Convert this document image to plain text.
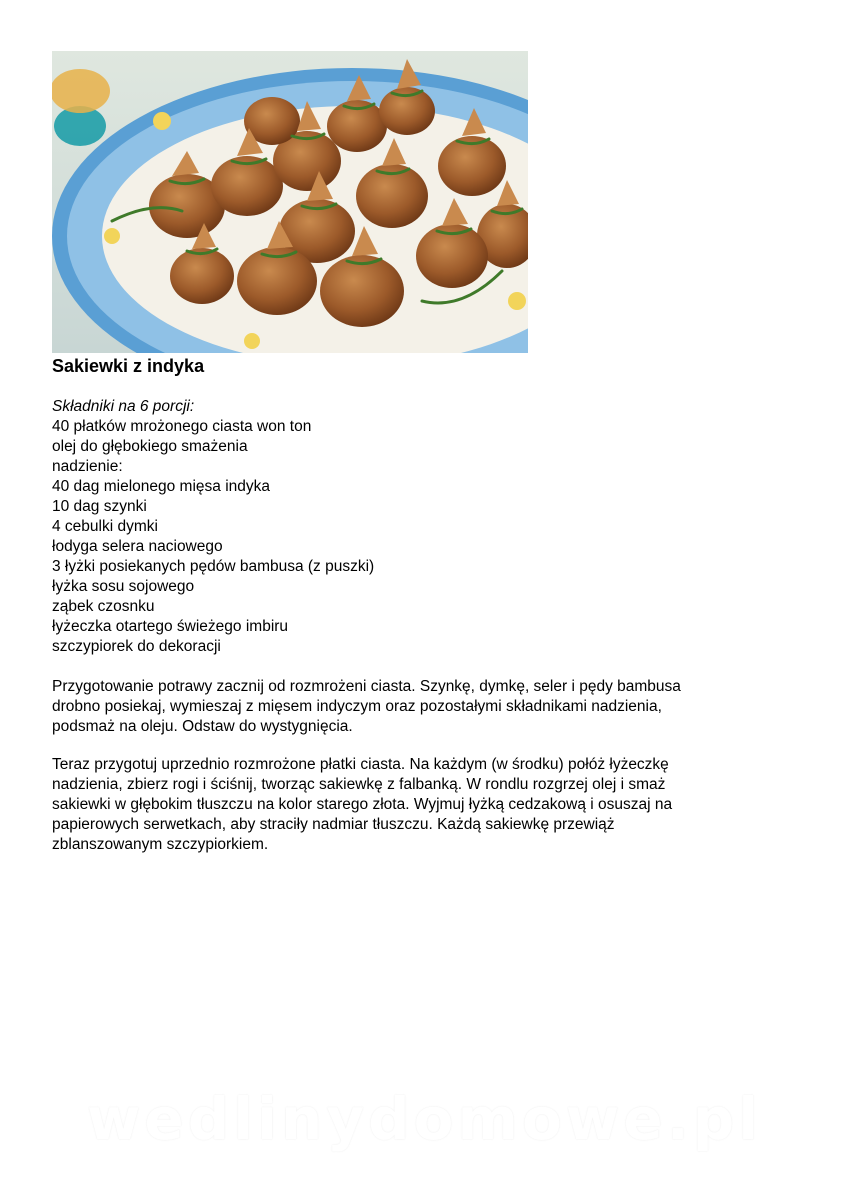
Sakiewki z indyka
Składniki na 6 porcji:
40 płatków mrożonego ciasta won ton
olej do głębokiego smażenia
nadzienie:
40 dag mielonego mięsa indyka
10 dag szynki
4 cebulki dymki
łodyga selera naciowego
3 łyżki posiekanych pędów bambusa (z puszki)
łyżka sosu sojowego
ząbek czosnku
łyżeczka otartego świeżego imbiru
szczypiorek do dekoracji
Przygotowanie potrawy zacznij od rozmrożeni ciasta. Szynkę, dymkę, seler i pędy bambusa
drobno posiekaj, wymieszaj z mięsem indyczym oraz pozostałymi składnikami nadzienia,
podsmaż na oleju. Odstaw do wystygnięcia.
Teraz przygotuj uprzednio rozmrożone płatki ciasta. Na każdym (w środku) połóż łyżeczkę
nadzienia, zbierz rogi i ściśnij, tworząc sakiewkę z falbanką. W rondlu rozgrzej olej i smaż
sakiewki w głębokim tłuszczu na kolor starego złota. Wyjmuj łyżką cedzakową i osuszaj na
papierowych serwetkach, aby straciły nadmiar tłuszczu. Każdą sakiewkę przewiąż
zblanszowanym szczypiorkiem.
wedlinydomowe.pl
